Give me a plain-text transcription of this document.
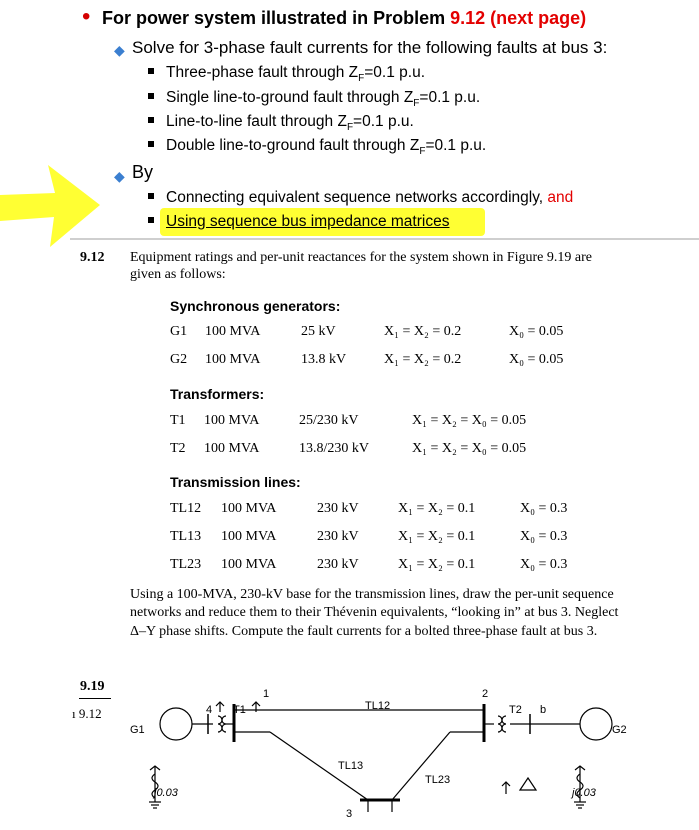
• For power system illustrated in Problem 9.12 (next page)
◆ Solve for 3-phase fault currents for the following faults at bus 3:
Three-phase fault through $Z_F=0.1$ p.u.
Single line-to-ground fault through $Z_F=0.1$ p.u.
Line-to-line fault through $Z_F=0.1$ p.u.
Double line-to-ground fault through $Z_F=0.1$ p.u.
◆ By
Connecting equivalent sequence networks accordingly, and
Using sequence bus impedance matrices
9.12 Equipment ratings and per-unit reactances for the system shown in Figure 9.19 are
given as follows:
Synchronous generators:
G1 100 MVA	25 kV	X₁ = X₂ = 0.2	X₀ = 0.05
G2 100 MVA	13.8 kV	X₁ = X₂ = 0.2	X₀ = 0.05
Transformers:
T1 100 MVA	25/230 kV	X₁ = X₂ = X₀ = 0.05
T2 100 MVA	13.8/230 kV	X₁ = X₂ = X₀ = 0.05
Transmission lines:
TL12 100 MVA	230 kV	X₁ = X₂ = 0.1	X₀ = 0.3
TL13 100 MVA	230 kV	X₁ = X₂ = 0.1	X₀ = 0.3
TL23 100 MVA	230 kV	X₁ = X₂ = 0.1	X₀ = 0.3
Using a 100-MVA, 230-kV base for the transmission lines, draw the per-unit sequence
networks and reduce them to their Thévenin equivalents, “looking in” at bus 3. Neglect
Δ–Y phase shifts. Compute the fault currents for a bolted three-phase fault at bus 3.
9.19
ı 9.12
G1	G2
4 T1
1	2
T2 b
TL12
TL13
TL23
3
j0.03	j0.03
